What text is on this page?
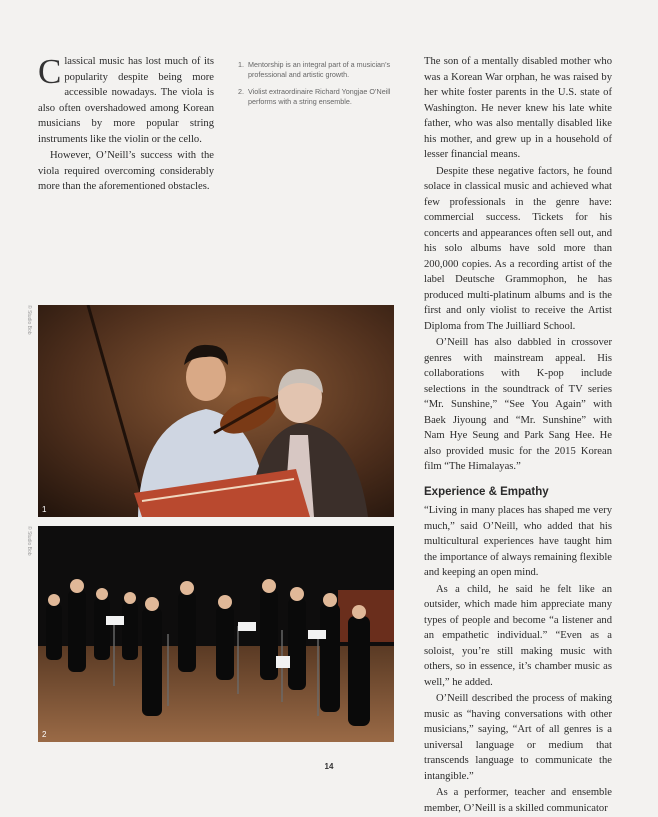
Classical music has lost much of its popularity despite being more accessible nowadays. The viola is also often overshadowed among Korean musicians by more popular string instruments like the violin or the cello.

However, O’Neill’s success with the viola required overcoming considerably more than the aforementioned obstacles.

1. Mentorship is an integral part of a musician’s professional and artistic growth.
2. Violist extraordinaire Richard Yongjae O’Neill performs with a string ensemble.
© Studio Bob
© Studio Bob
1
2

The son of a mentally disabled mother who was a Korean War orphan, he was raised by her white foster parents in the U.S. state of Washington. He never knew his late white father, who was also mentally disabled like his mother, and grew up in a household of lesser financial means.

Despite these negative factors, he found solace in classical music and achieved what few professionals in the genre have: commercial success. Tickets for his concerts and appearances often sell out, and his solo albums have sold more than 200,000 copies. As a recording artist of the label Deutsche Grammophon, he has produced multi-platinum albums and is the first and only violist to receive the Artist Diploma from The Juilliard School.

O’Neill has also dabbled in crossover genres with mainstream appeal. His collaborations with K-pop include selections in the soundtrack of TV series “Mr. Sunshine,” “See You Again” with Baek Jiyoung and “Mr. Sunshine” with Nam Hye Seung and Park Sang Hee. He also provided music for the 2015 Korean film “The Himalayas.”

Experience & Empathy

“Living in many places has shaped me very much,” said O’Neill, who added that his multicultural experiences have taught him the importance of always remaining flexible and keeping an open mind.

As a child, he said he felt like an outsider, which made him appreciate many types of people and become “a listener and an empathetic individual.” “Even as a soloist, you’re still making music with others, so in essence, it’s chamber music as well,” he added.

O’Neill described the process of making music as “having conversations with other musicians,” saying, “Art of all genres is a universal language or medium that transcends language to communicate the intangible.”

As a performer, teacher and ensemble member, O’Neill is a skilled communicator

14
